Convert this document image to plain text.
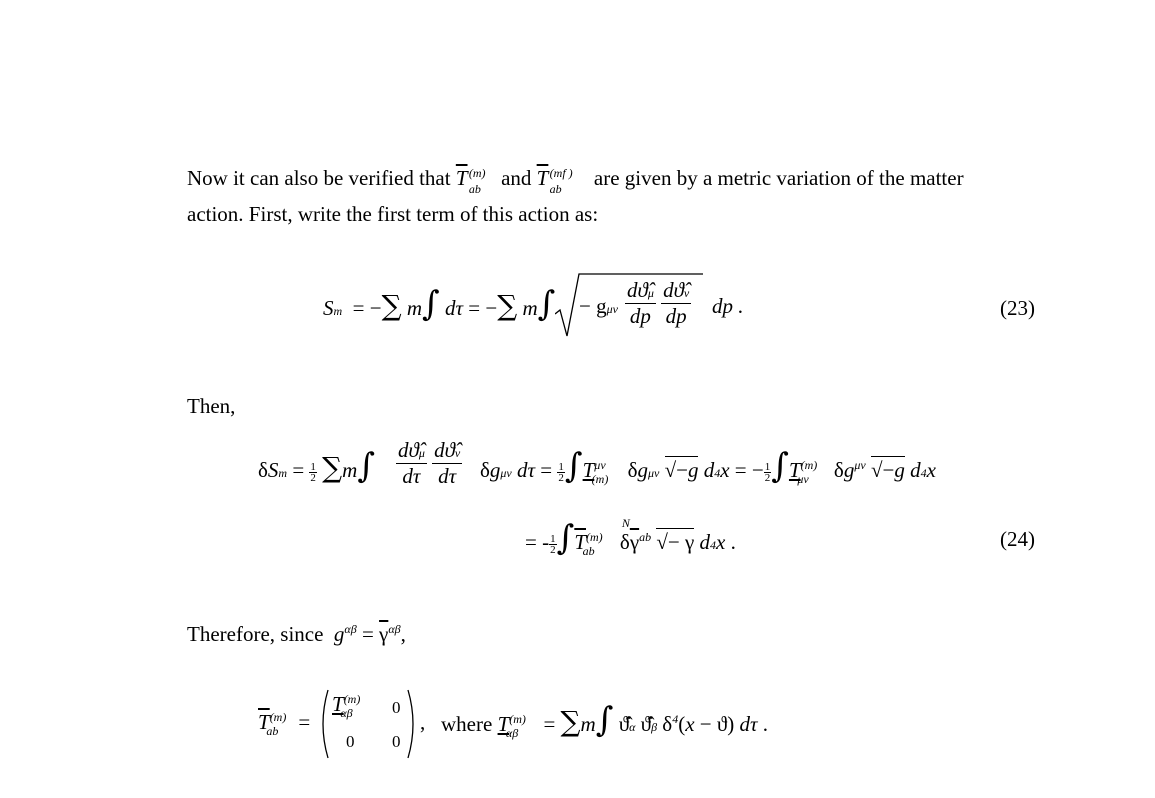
Now it can also be verified that $\overline{T}$ (m)
ab and $\overline{T}$ (mf )
ab are given by a metric variation of the matter
action. First, write the first term of this action as:
Sm  = −∑ m∫ dτ = −∑ m∫ − gμν $\frac{dϑ̂\mu}{dp}$
$\frac{dϑ̂\nu}{dp}$ dp .	(23)
Then,
$\delta Sm = \frac{1}{2} \sum m\int \frac{dϑ̂\mu}{d\tau}$
$\frac{dϑ̂\nu}{d\tau}$ δgμν $d\tau = \frac{1}{2}\int T^{\mu\nu}_{(m)}$ δgμν √−g d4x = − $\frac{1}{2}\int T^{(m)}_{\mu\nu}$ $\delta g^{\mu\nu}$ √−g d4x
= - $\frac{1}{2}\int\overline{T}^{(m)}_{ab}$ δ
N
$\overline{\gamma}^{ab}$ √− γ d4x .	(24)
Therefore, since $g^{\alpha\beta} = \overline{\gamma}^{\alpha\beta}$,
$\overline{T}^{(m)}_{ab}$ =
$T^{(m)}_{\alpha\beta}$	0
0 0
, where $T^{(m)}_{\alpha\beta} = \sum m\int$ ϑ̂̇α ϑ̂̇β $\delta^4(x - ϑ)$ dτ .
